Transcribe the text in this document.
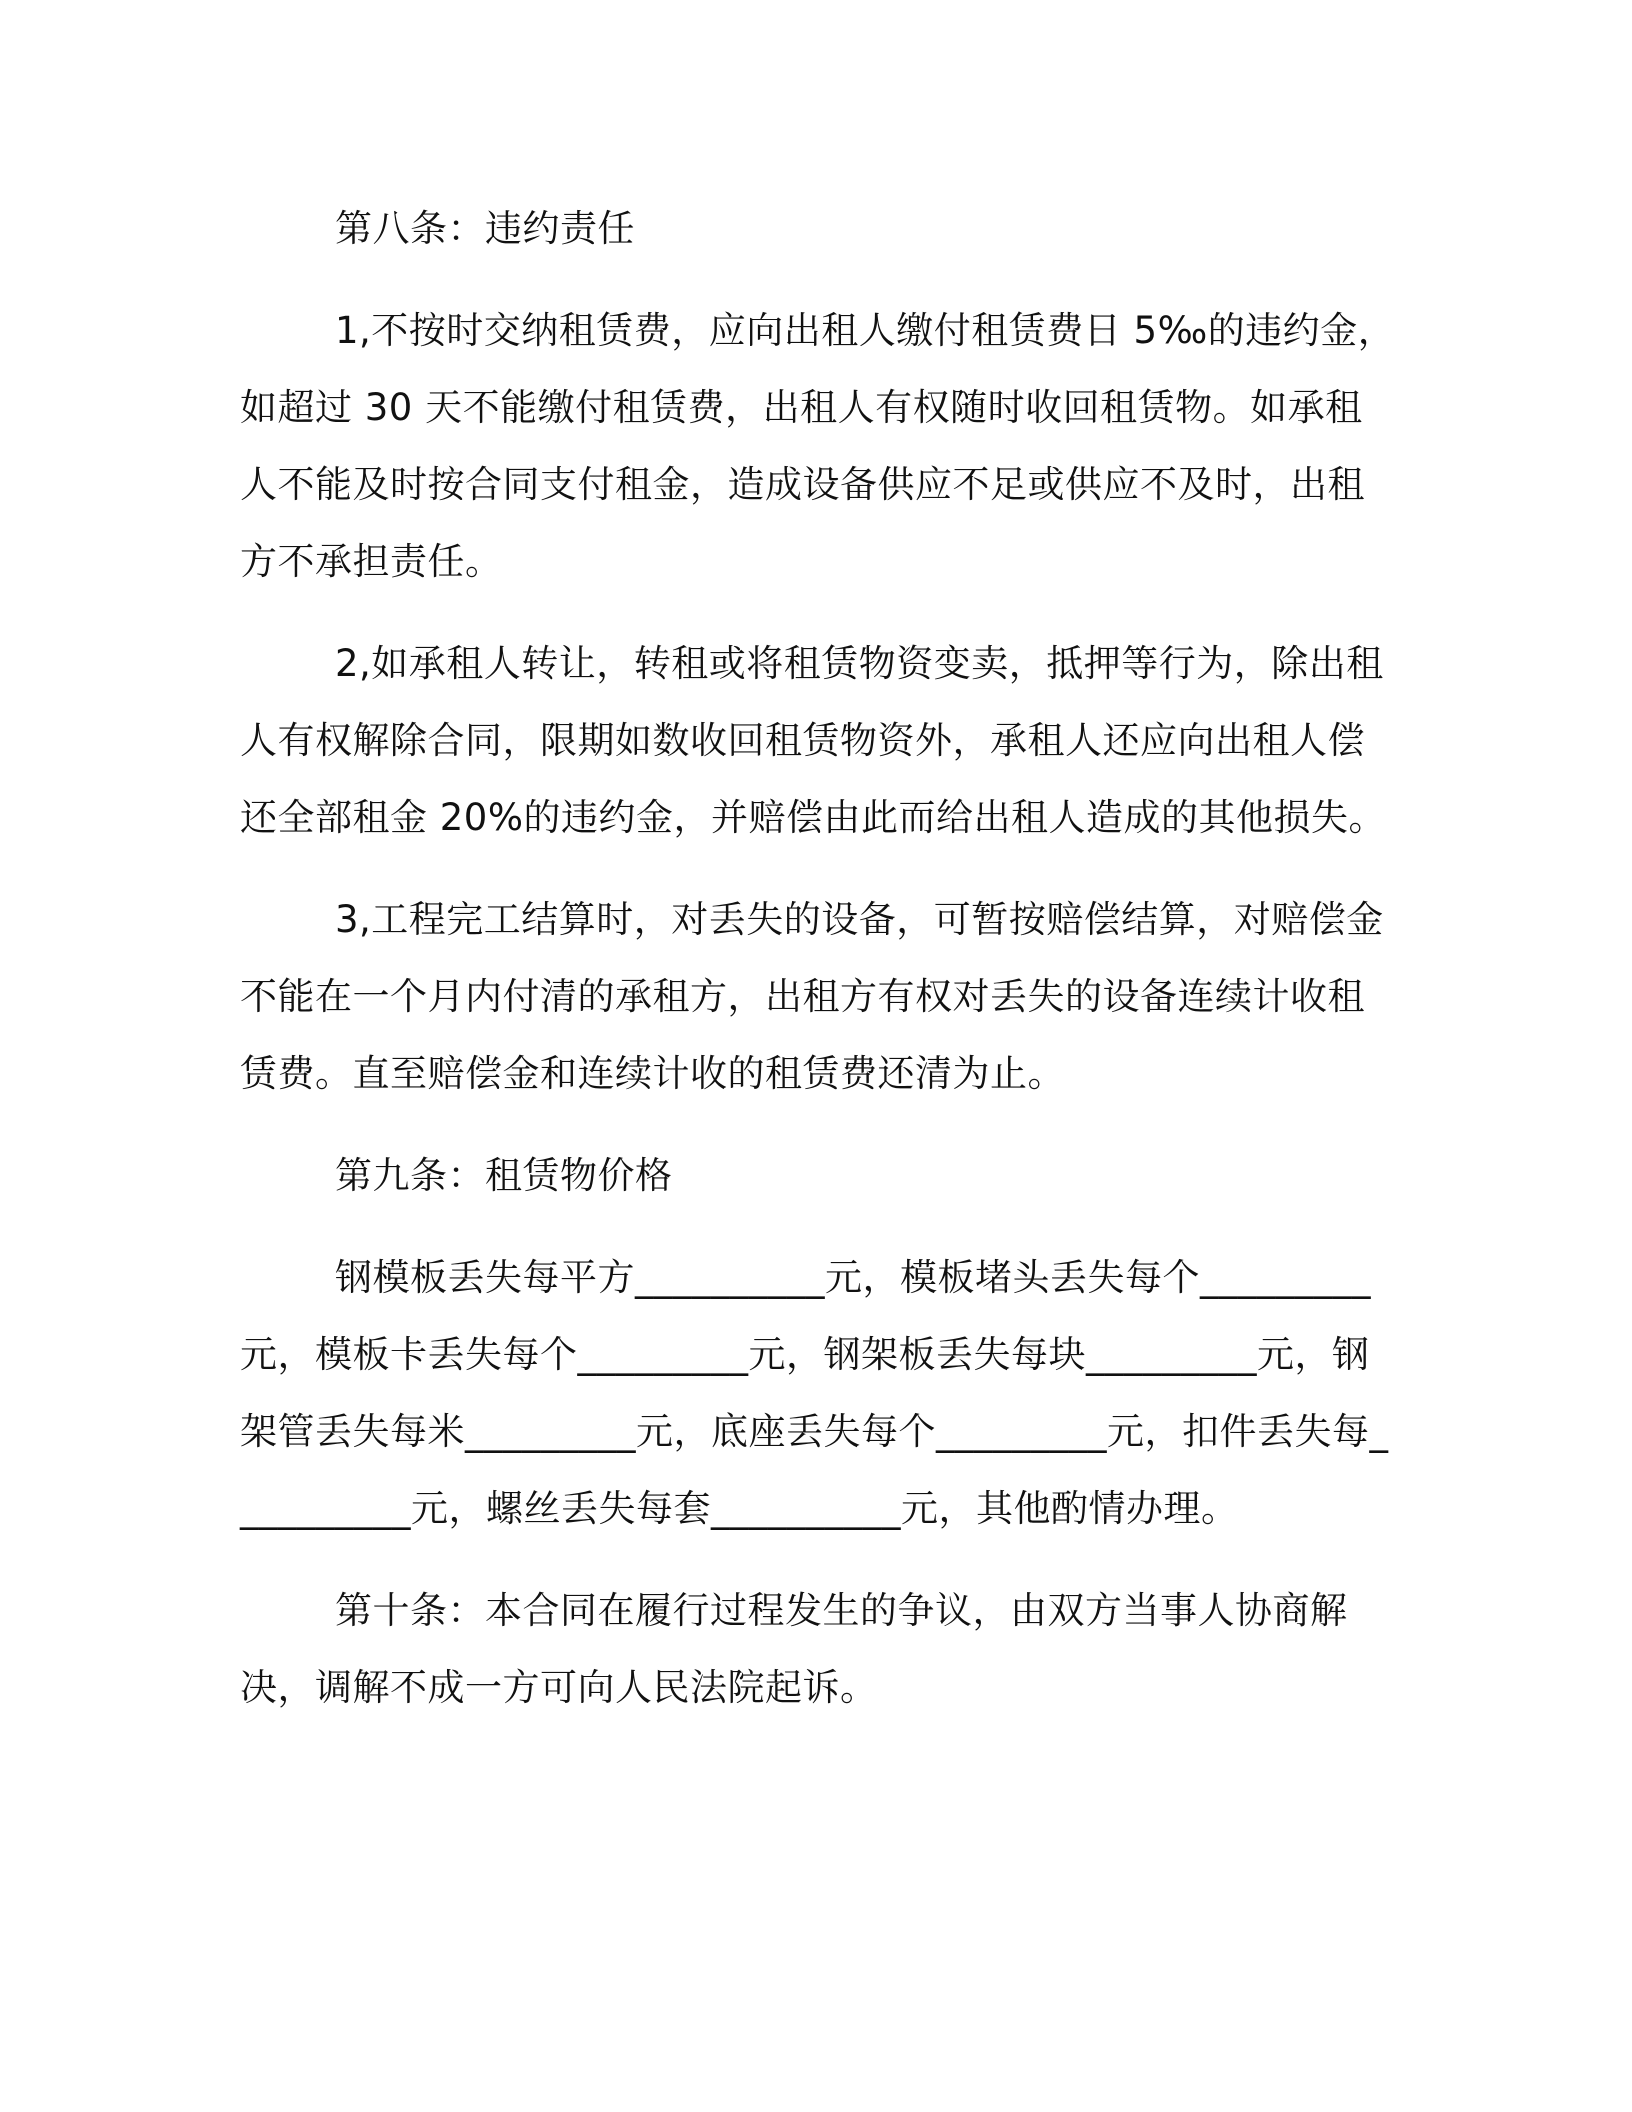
第八条：违约责任

1,不按时交纳租赁费，应向出租人缴付租赁费日 5‰的违约金，如超过 30 天不能缴付租赁费，出租人有权随时收回租赁物。如承租人不能及时按合同支付租金，造成设备供应不足或供应不及时，出租方不承担责任。

2,如承租人转让，转租或将租赁物资变卖，抵押等行为，除出租人有权解除合同，限期如数收回租赁物资外，承租人还应向出租人偿还全部租金 20%的违约金，并赔偿由此而给出租人造成的其他损失。

3,工程完工结算时，对丢失的设备，可暂按赔偿结算，对赔偿金不能在一个月内付清的承租方，出租方有权对丢失的设备连续计收租赁费。直至赔偿金和连续计收的租赁费还清为止。

第九条：租赁物价格

钢模板丢失每平方__________元，模板堵头丢失每个_________元，模板卡丢失每个_________元，钢架板丢失每块_________元，钢架管丢失每米_________元，底座丢失每个_________元，扣件丢失每__________元，螺丝丢失每套__________元，其他酌情办理。

第十条：本合同在履行过程发生的争议，由双方当事人协商解决，调解不成一方可向人民法院起诉。
